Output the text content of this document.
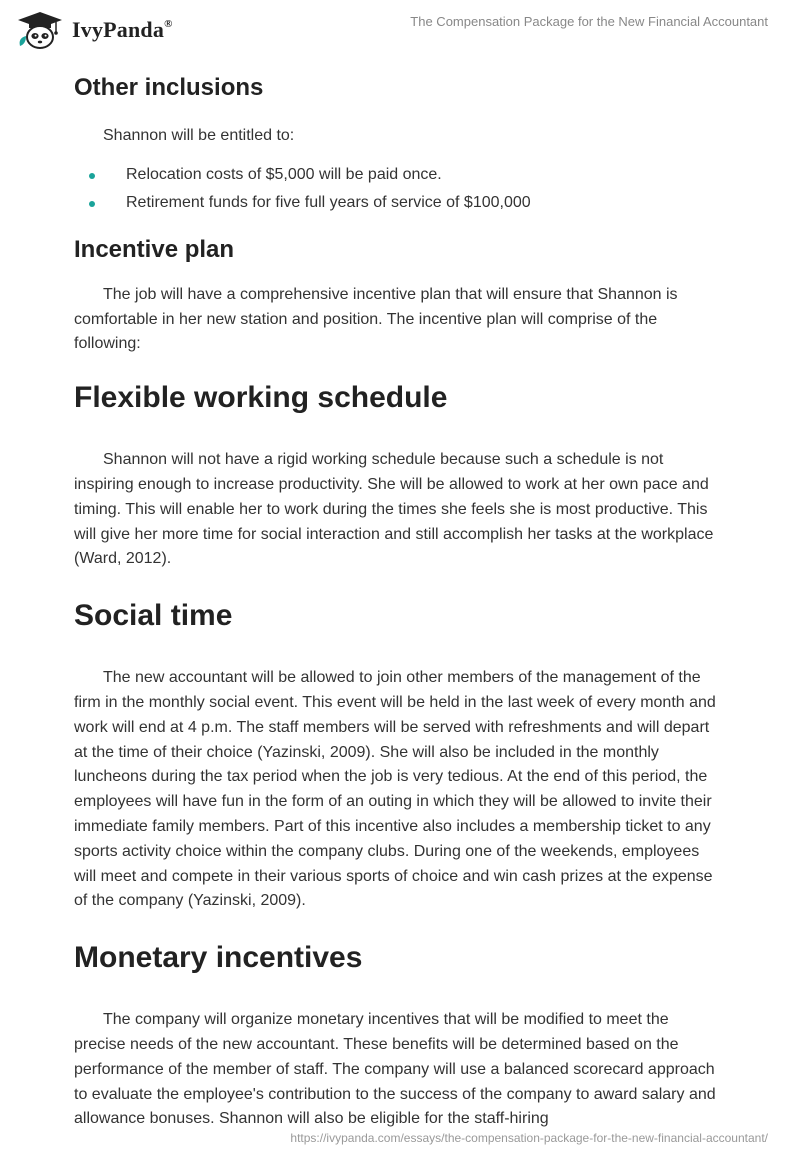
IvyPanda®	The Compensation Package for the New Financial Accountant
Other inclusions

Shannon will be entitled to:

Relocation costs of $5,000 will be paid once.
Retirement funds for five full years of service of $100,000
Incentive plan

The job will have a comprehensive incentive plan that will ensure that Shannon is comfortable in her new station and position. The incentive plan will comprise of the following:

Flexible working schedule

Shannon will not have a rigid working schedule because such a schedule is not inspiring enough to increase productivity. She will be allowed to work at her own pace and timing. This will enable her to work during the times she feels she is most productive. This will give her more time for social interaction and still accomplish her tasks at the workplace (Ward, 2012).

Social time

The new accountant will be allowed to join other members of the management of the firm in the monthly social event. This event will be held in the last week of every month and work will end at 4 p.m. The staff members will be served with refreshments and will depart at the time of their choice (Yazinski, 2009). She will also be included in the monthly luncheons during the tax period when the job is very tedious. At the end of this period, the employees will have fun in the form of an outing in which they will be allowed to invite their immediate family members. Part of this incentive also includes a membership ticket to any sports activity choice within the company clubs. During one of the weekends, employees will meet and compete in their various sports of choice and win cash prizes at the expense of the company (Yazinski, 2009).

Monetary incentives

The company will organize monetary incentives that will be modified to meet the precise needs of the new accountant. These benefits will be determined based on the performance of the member of staff. The company will use a balanced scorecard approach to evaluate the employee's contribution to the success of the company to award salary and allowance bonuses. Shannon will also be eligible for the staff-hiring

https://ivypanda.com/essays/the-compensation-package-for-the-new-financial-accountant/
